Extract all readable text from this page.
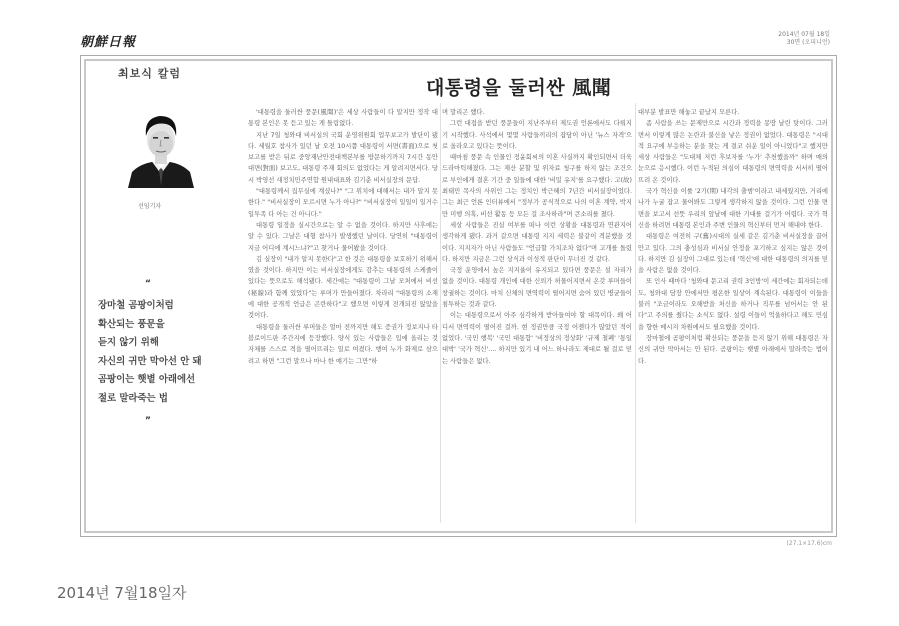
朝鮮日報
2014년 07월 18일
30면 (오피니언)
최보식 칼럼
대통령을 둘러싼 風聞
선임기자
“
장마철 곰팡이처럼
확산되는 풍문을
듣지 않기 위해
자신의 귀만 막아선 안 돼
곰팡이는 햇볕 아래에선
절로 말라죽는 법
”

'대통령을 둘러싼 풍문(風聞)'은 세상 사람들이 다 알지만 정작 대통령 본인은 못 듣고 있는 게 틀림없다.

지난 7일 청와대 비서실의 국회 운영위원회 업무보고가 발단이 됐다. 세월호 참사가 있던 날 오전 10시쯤 대통령이 서면(書面)으로 첫 보고를 받은 뒤로 중앙재난안전대책본부를 방문하기까지 7시간 동안 대면(對面) 보고도, 대통령 주재 회의도 없었다는 게 알려지면서다. 당시 박영선 새정치민주연합 원내대표와 김기춘 비서실장의 문답.

"대통령께서 집무실에 계셨나?" "그 위치에 대해서는 내가 알지 못한다." "비서실장이 모르시면 누가 아나?" "비서실장이 일일이 일거수일투족 다 아는 건 아니다."

대통령 일정을 실시간으로는 알 수 없을 것이다. 하지만 사후에는 알 수 있다. 그날은 대형 참사가 발생했던 날이다. 당연히 "대통령이 지금 어디에 계시느냐?"고 찾거나 물어봤을 것이다.

김 실장이 "내가 알지 못한다"고 한 것은 대통령을 보호하기 위해서였을 것이다. 하지만 이는 비서실장에게도 감추는 대통령의 스케줄이 있다는 뜻으로도 해석됐다. 세간에는 "대통령이 그날 모처에서 비선(秘線)과 함께 있었다"는 루머가 만들어졌다. 차라리 "대통령의 소재에 대한 공개적 언급은 곤란하다"고 했으면 이렇게 전개되진 않았을 것이다.

대통령을 둘러싼 루머들은 얼마 전까지만 해도 증권가 정보지나 타블로이드판 주간지에 등장했다. 양식 있는 사람들은 입에 올리는 것 자체를 스스로 격을 떨어뜨리는 일로 여겼다. 행여 누가 화제로 삼으려고 하면 "그런 말으나 마나 한 얘기는 그만"하

며 말리곤 했다.

그런 대접을 받던 풍문들이 지난주부터 제도권 언론에서도 다뤄지기 시작했다. 사석에서 몇몇 사람들끼리의 잡담이 아닌 '뉴스 자격'으로 올라오고 있다는 뜻이다.

때마침 풍문 속 인물인 정윤회씨의 이혼 사실까지 확인되면서 더욱 드라마틱해졌다. 그는 재산 분할 및 위자료 청구를 하지 않는 조건으로 부인에게 결혼 기간 중 일들에 대한 '비밀 유지'를 요구했다. 고(故) 최태민 목사의 사위인 그는 정치인 박근혜의 7년간 비서실장이었다. 그는 최근 언론 인터뷰에서 "정부가 공식적으로 나의 이혼 계약, 박지만 미행 의혹, 비선 활동 등 모든 걸 조사하라"며 큰소리를 쳤다.

세상 사람들은 진실 여부를 떠나 이런 상황을 대통령과 연관지어 생각하게 됐다. 과거 같으면 대통령 지지 세력은 불같이 격분했을 것이다. 지지자가 아닌 사람들도 "언급할 가치조차 없다"며 고개를 돌렸다. 하지만 지금은 그런 상식과 이성적 판단이 무너진 것 같다.

국정 운영에서 높은 지지율이 유지되고 있다면 풍문은 설 자리가 없을 것이다. 대통령 개인에 대한 신뢰가 허물어지면서 온갖 루머들이 창궐하는 것이다. 마치 신체의 면역력이 떨어지면 숨어 있던 병균들이 침투하는 것과 같다.

이는 대통령으로서 아주 심각하게 받아들여야 할 대목이다. 왜 어디서 면역력이 떨어진 걸까. 현 정권만큼 국정 어젠다가 많았던 적이 없었다. '국민 행복' '국민 대통합' '비정상의 정상화' '규제 철폐' '통일 대박' '국가 혁신'…. 하지만 있기 내 어느 하나라도 제대로 될 걸로 믿는 사람들은 없다.

대부분 발표만 해놓고 끝났지 모른다.

좀 사람을 쓰는 문제만으로 시간과 정력을 몽땅 날린 탓이다. 그러면서 이렇게 많은 논란과 불신을 낳은 정권이 없었다. 대통령은 "시대적 요구에 부응하는 분을 찾는 게 결코 쉬운 일이 아니었다"고 했지만 세상 사람들은 "도대체 저런 후보자를 '누가' 추천했을까" 하며 매의 눈으로 응시했다. 이런 누적된 의심이 대통령의 면역력을 서서히 떨어뜨려 온 것이다.

국가 혁신을 이룰 '2기(期) 내각의 출범'이라고 내세웠지만, 거리에 나가 누굴 잡고 물어봐도 그렇게 생각하지 않을 것이다. 그런 인물 면면을 보고서 선뜻 우리의 앞날에 대한 기대를 걸기가 어렵다. 국가 혁신을 하려면 대통령 본인과 주변 인물의 혁신부터 먼저 해내야 한다.

대통령은 여전히 구(舊)시대의 실세 같은 김기춘 비서실장을 끌어안고 있다. 그의 충성심과 비서실 안정을 포기하고 싶지는 않은 것이다. 하지만 김 실장이 그대로 있는데 '혁신'에 대한 대통령의 의지를 믿을 사람은 없을 것이다.

또 인사 때마다 '청와대 문고리 권력 3인방'이 세간에는 회자되는데도, 청와대 담장 안에서만 평온한 일상이 계속된다. 대통령이 이들을 불러 "조금이라도 오해받을 처신을 하거나 직무를 넘어서는 안 된다"고 주의를 줬다는 소식도 없다. 설령 이들이 억울하다고 해도 민심을 향한 메시지 차원에서도 필요했을 것이다.

장마철에 곰팡이처럼 확산되는 풍문을 듣지 않기 위해 대통령은 자신의 귀만 막아서는 안 된다. 곰팡이는 햇볕 아래에서 말라죽는 법이다.

(27.1×17.6)cm
2014년 7월18일자
